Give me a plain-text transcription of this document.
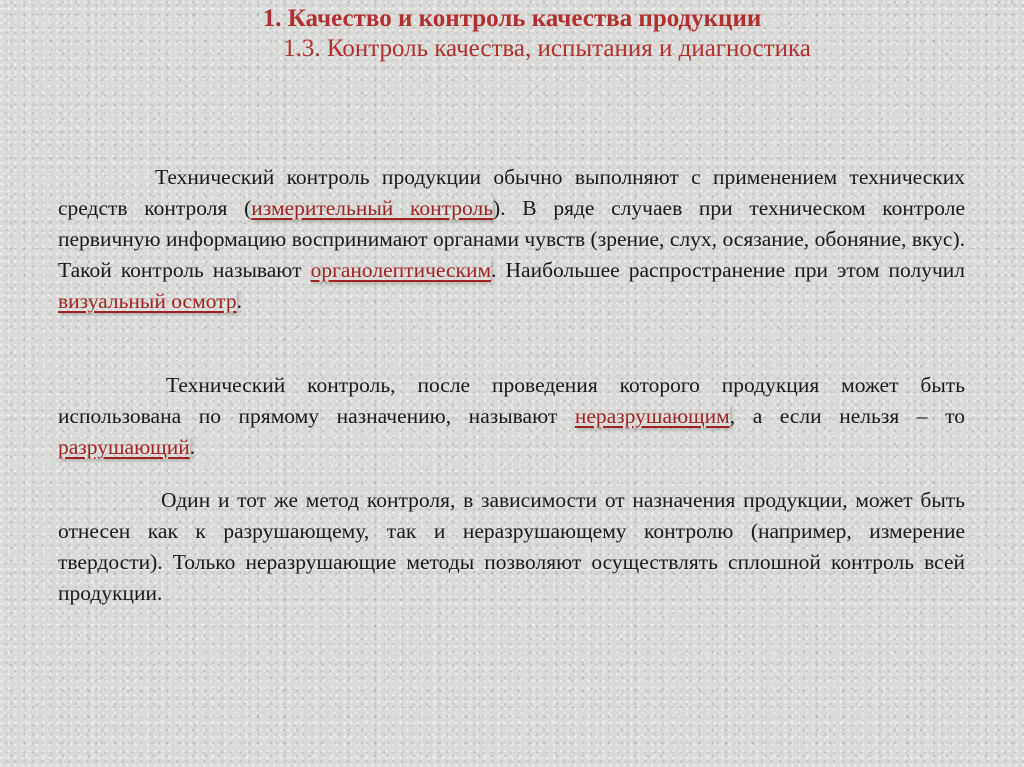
1. Качество и контроль качества продукции

1.3. Контроль качества, испытания и диагностика

Технический контроль продукции обычно выполняют с применением технических средств контроля (измерительный контроль). В ряде случаев при техническом контроле первичную информацию воспринимают органами чувств (зрение, слух, осязание, обоняние, вкус). Такой контроль называют органолептическим. Наибольшее распространение при этом получил визуальный осмотр.

Технический контроль, после проведения которого продукция может быть использована по прямому назначению, называют неразрушающим, а если нельзя – то разрушающий.

Один и тот же метод контроля, в зависимости от назначения продукции, может быть отнесен как к разрушающему, так и неразрушающему контролю (например, измерение твердости). Только неразрушающие методы позволяют осуществлять сплошной контроль всей продукции.
